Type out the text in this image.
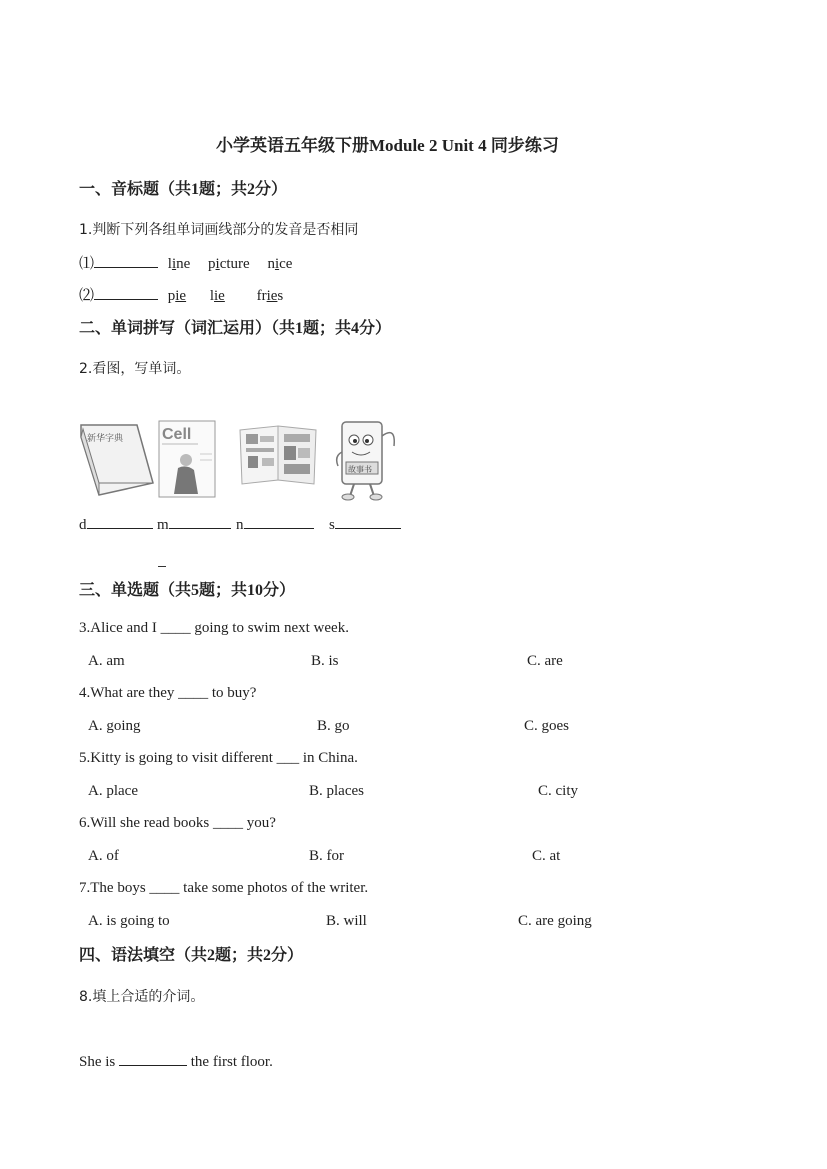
小学英语五年级下册Module 2 Unit 4 同步练习
一、音标题（共1题；共2分）
1.判断下列各组单词画线部分的发音是否相同
⑴	line picture nice
⑵	pie lie fries
二、单词拼写（词汇运用）（共1题；共4分）
2.看图，写单词。
新华字典 Cell
故事书
d	m	n	s
三、单选题（共5题；共10分）
3.Alice and I ____ going to swim next week.
A. am	B. is	C. are
4.What are they ____ to buy?
A. going	B. go	C. goes
5.Kitty is going to visit different ___ in China.
A. place	B. places	C. city
6.Will she read books ____ you?
A. of	B. for	C. at
7.The boys ____ take some photos of the writer.
A. is going to	B. will	C. are going
四、语法填空（共2题；共2分）
8.填上合适的介词。
She is	the first floor.
